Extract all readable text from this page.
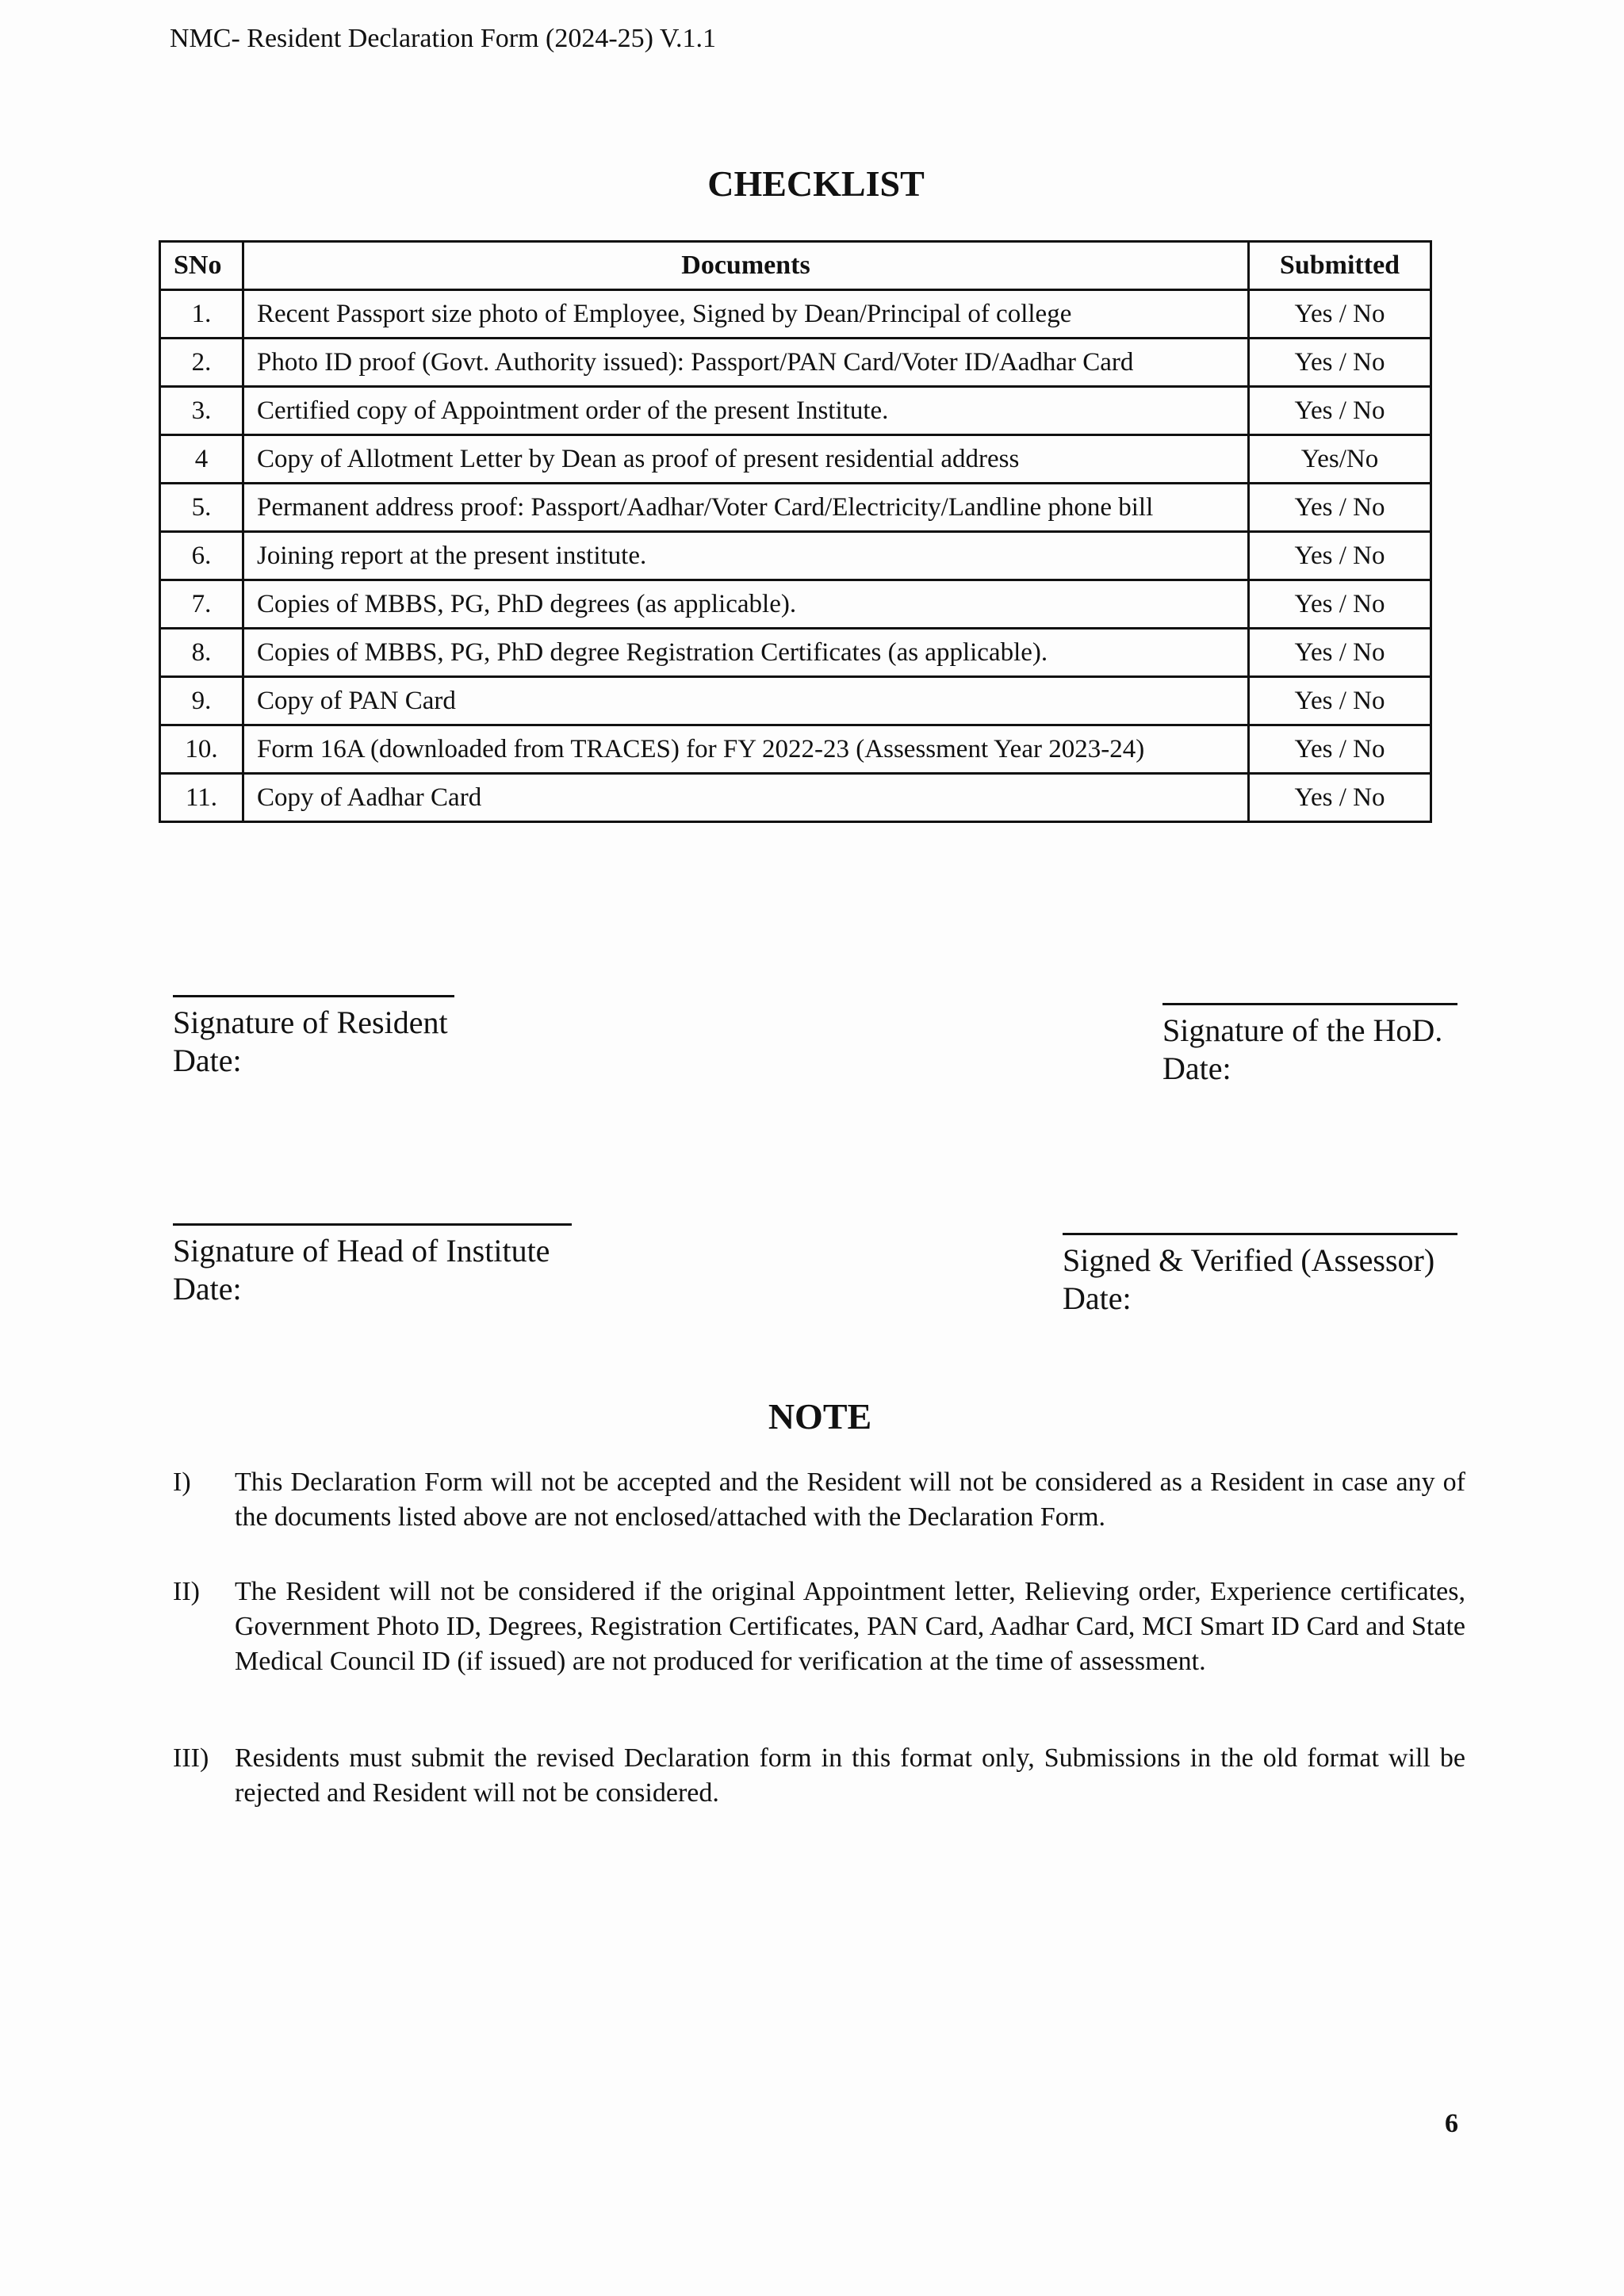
NMC- Resident Declaration Form (2024-25) V.1.1
CHECKLIST
SNo	Documents	Submitted
1.	Recent Passport size photo of Employee, Signed by Dean/Principal of college	Yes / No
2.	Photo ID proof (Govt. Authority issued): Passport/PAN Card/Voter ID/Aadhar Card	Yes / No
3.	Certified copy of Appointment order of the present Institute.	Yes / No
4	Copy of Allotment Letter by Dean as proof of present residential address	Yes/No
5.	Permanent address proof: Passport/Aadhar/Voter Card/Electricity/Landline phone bill	Yes / No
6.	Joining report at the present institute.	Yes / No
7.	Copies of MBBS, PG, PhD degrees (as applicable).	Yes / No
8.	Copies of MBBS, PG, PhD degree Registration Certificates (as applicable).	Yes / No
9.	Copy of PAN Card	Yes / No
10.	Form 16A (downloaded from TRACES) for FY 2022-23 (Assessment Year 2023-24)	Yes / No
11.	Copy of Aadhar Card	Yes / No
Signature of Resident
Date:
Signature of the HoD.
Date:
Signature of Head of Institute
Date:
Signed & Verified (Assessor)
Date:
NOTE
I)	This Declaration Form will not be accepted and the Resident will not be considered as a Resident in case any of the documents listed above are not enclosed/attached with the Declaration Form.
II)	The Resident will not be considered if the original Appointment letter, Relieving order, Experience certificates, Government Photo ID, Degrees, Registration Certificates, PAN Card, Aadhar Card, MCI Smart ID Card and State Medical Council ID (if issued) are not produced for verification at the time of assessment.
III) Residents must submit the revised Declaration form in this format only, Submissions in the old format will be rejected and Resident will not be considered.
6
